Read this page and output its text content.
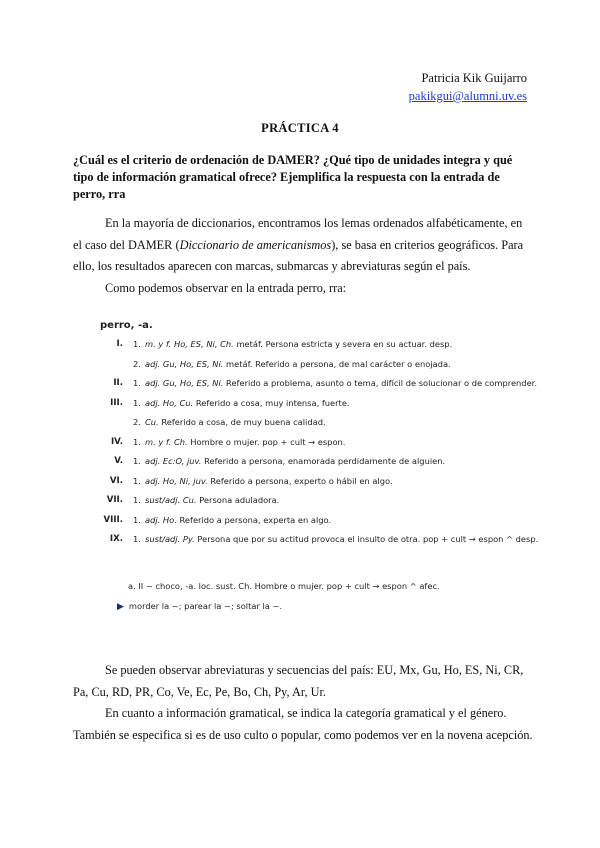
Patricia Kik Guijarro
pakikgui@alumni.uv.es
PRÁCTICA 4
¿Cuál es el criterio de ordenación de DAMER? ¿Qué tipo de unidades integra y qué tipo de información gramatical ofrece? Ejemplifica la respuesta con la entrada de perro, rra

En la mayoría de diccionarios, encontramos los lemas ordenados alfabéticamente, en el caso del DAMER (Diccionario de americanismos), se basa en criterios geográficos. Para ello, los resultados aparecen con marcas, submarcas y abreviaturas según el país.

Como podemos observar en la entrada perro, rra:

perro, -a.
I. 1. m. y f. Ho, ES, Ni, Ch. metáf. Persona estricta y severa en su actuar. desp.
2. adj. Gu, Ho, ES, Ni. metáf. Referido a persona, de mal carácter o enojada.
II. 1. adj. Gu, Ho, ES, Ni. Referido a problema, asunto o tema, difícil de solucionar o de comprender.
III. 1. adj. Ho, Cu. Referido a cosa, muy intensa, fuerte.
2. Cu. Referido a cosa, de muy buena calidad.
IV. 1. m. y f. Ch. Hombre o mujer. pop + cult → espon.
V. 1. adj. Ec:O, juv. Referido a persona, enamorada perdidamente de alguien.
VI. 1. adj. Ho, Ni, juv. Referido a persona, experto o hábil en algo.
VII. 1. sust/adj. Cu. Persona aduladora.
VIII. 1. adj. Ho. Referido a persona, experta en algo.
IX. 1. sust/adj. Py. Persona que por su actitud provoca el insulto de otra. pop + cult → espon ^ desp.
a. II ~ choco, -a. loc. sust. Ch. Hombre o mujer. pop + cult → espon ^ afec.
▶ morder la ~; parear la ~; soltar la ~.

Se pueden observar abreviaturas y secuencias del país: EU, Mx, Gu, Ho, ES, Ni, CR, Pa, Cu, RD, PR, Co, Ve, Ec, Pe, Bo, Ch, Py, Ar, Ur.

En cuanto a información gramatical, se indica la categoría gramatical y el género. También se especifica si es de uso culto o popular, como podemos ver en la novena acepción.
